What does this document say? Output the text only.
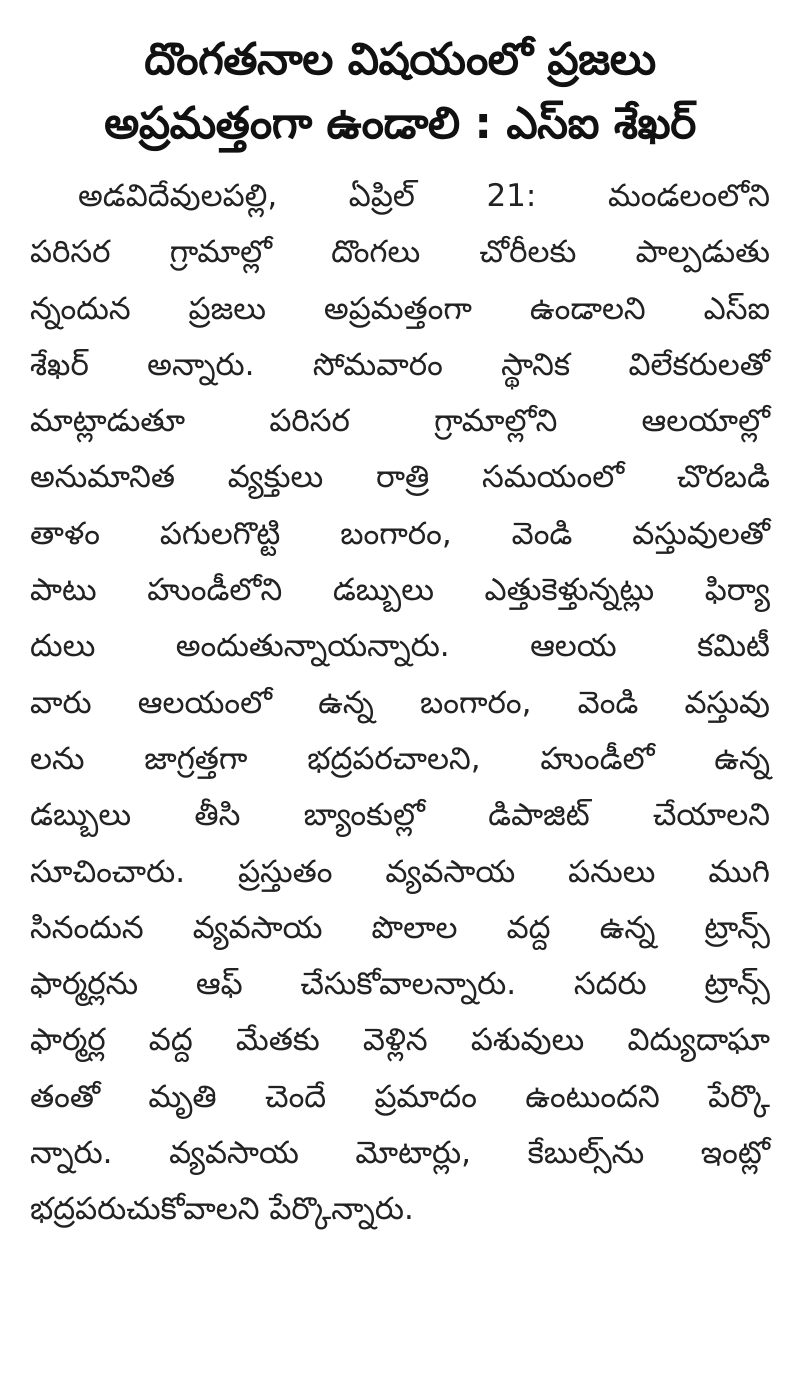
దొంగతనాల విషయంలో ప్రజలు
అప్రమత్తంగా ఉండాలి : ఎస్ఐ శేఖర్
అడవిదేవులపల్లి, ఏప్రిల్ 21: మండలంలోని
పరిసర గ్రామాల్లో దొంగలు చోరీలకు పాల్పడుతు
న్నందున ప్రజలు అప్రమత్తంగా ఉండాలని ఎస్ఐ
శేఖర్ అన్నారు. సోమవారం స్థానిక విలేకరులతో
మాట్లాడుతూ పరిసర గ్రామాల్లోని ఆలయాల్లో
అనుమానిత వ్యక్తులు రాత్రి సమయంలో చొరబడి
తాళం పగులగొట్టి బంగారం, వెండి వస్తువులతో
పాటు హుండీలోని డబ్బులు ఎత్తుకెళ్తున్నట్లు ఫిర్యా
దులు అందుతున్నాయన్నారు. ఆలయ కమిటీ
వారు ఆలయంలో ఉన్న బంగారం, వెండి వస్తువు
లను జాగ్రత్తగా భద్రపరచాలని, హుండీలో ఉన్న
డబ్బులు తీసి బ్యాంకుల్లో డిపాజిట్ చేయాలని
సూచించారు. ప్రస్తుతం వ్యవసాయ పనులు ముగి
సినందున వ్యవసాయ పొలాల వద్ద ఉన్న ట్రాన్స్
ఫార్మర్లను ఆఫ్ చేసుకోవాలన్నారు. సదరు ట్రాన్స్
ఫార్మర్ల వద్ద మేతకు వెళ్లిన పశువులు విద్యుదాఘా
తంతో మృతి చెందే ప్రమాదం ఉంటుందని పేర్కొ
న్నారు. వ్యవసాయ మోటార్లు, కేబుల్స్‌ను ఇంట్లో
భద్రపరుచుకోవాలని పేర్కొన్నారు.
